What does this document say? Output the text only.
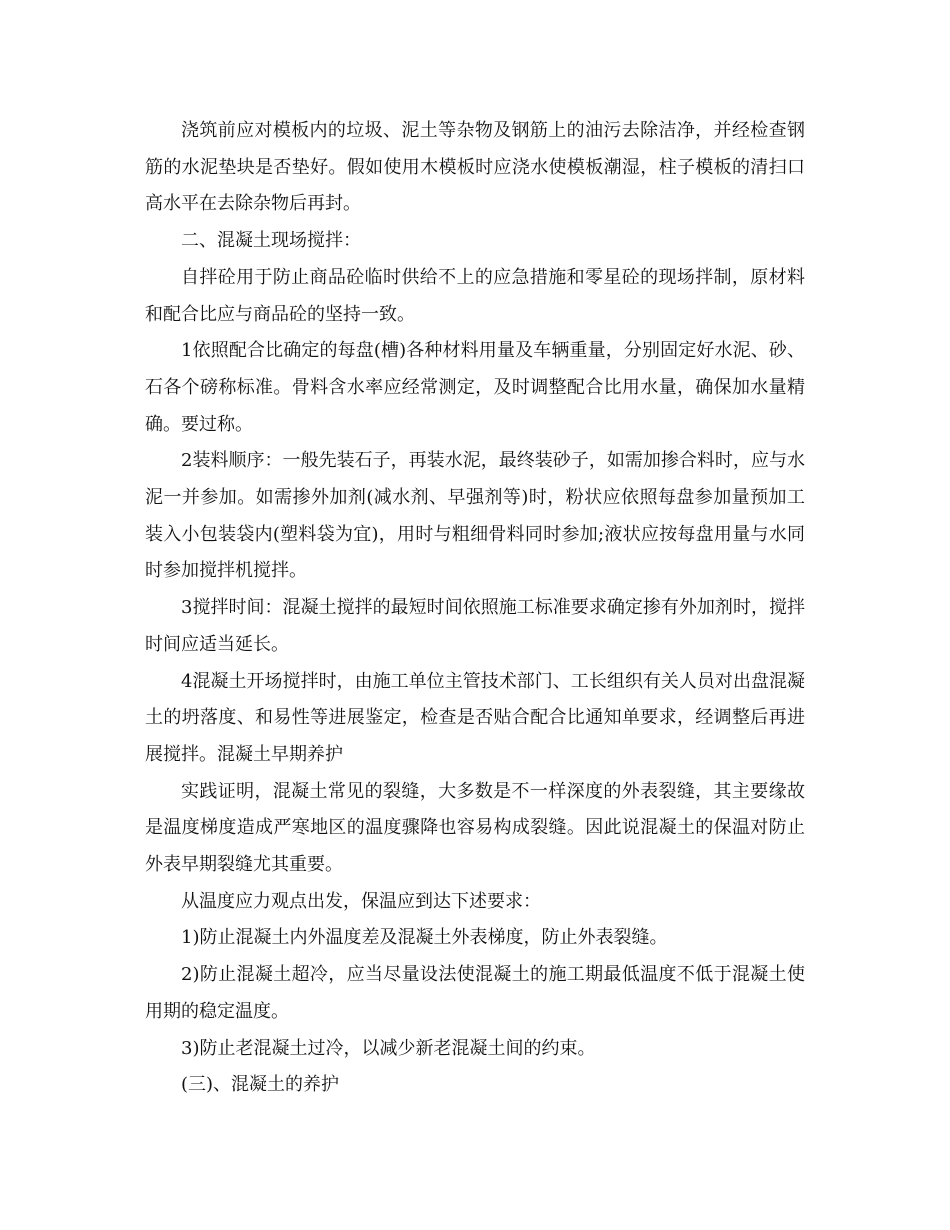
浇筑前应对模板内的垃圾、泥土等杂物及钢筋上的油污去除洁净，并经检查钢筋的水泥垫块是否垫好。假如使用木模板时应浇水使模板潮湿，柱子模板的清扫口高水平在去除杂物后再封。

二、混凝土现场搅拌：

自拌砼用于防止商品砼临时供给不上的应急措施和零星砼的现场拌制，原材料和配合比应与商品砼的坚持一致。

1依照配合比确定的每盘(槽)各种材料用量及车辆重量，分别固定好水泥、砂、石各个磅称标准。骨料含水率应经常测定，及时调整配合比用水量，确保加水量精确。要过称。

2装料顺序：一般先装石子，再装水泥，最终装砂子，如需加掺合料时，应与水泥一并参加。如需掺外加剂(减水剂、早强剂等)时，粉状应依照每盘参加量预加工装入小包装袋内(塑料袋为宜)，用时与粗细骨料同时参加;液状应按每盘用量与水同时参加搅拌机搅拌。

3搅拌时间：混凝土搅拌的最短时间依照施工标准要求确定掺有外加剂时，搅拌时间应适当延长。

4混凝土开场搅拌时，由施工单位主管技术部门、工长组织有关人员对出盘混凝土的坍落度、和易性等进展鉴定，检查是否贴合配合比通知单要求，经调整后再进展搅拌。混凝土早期养护

实践证明，混凝土常见的裂缝，大多数是不一样深度的外表裂缝，其主要缘故是温度梯度造成严寒地区的温度骤降也容易构成裂缝。因此说混凝土的保温对防止外表早期裂缝尤其重要。

从温度应力观点出发，保温应到达下述要求：

1)防止混凝土内外温度差及混凝土外表梯度，防止外表裂缝。

2)防止混凝土超冷，应当尽量设法使混凝土的施工期最低温度不低于混凝土使用期的稳定温度。

3)防止老混凝土过冷，以减少新老混凝土间的约束。

(三)、混凝土的养护
